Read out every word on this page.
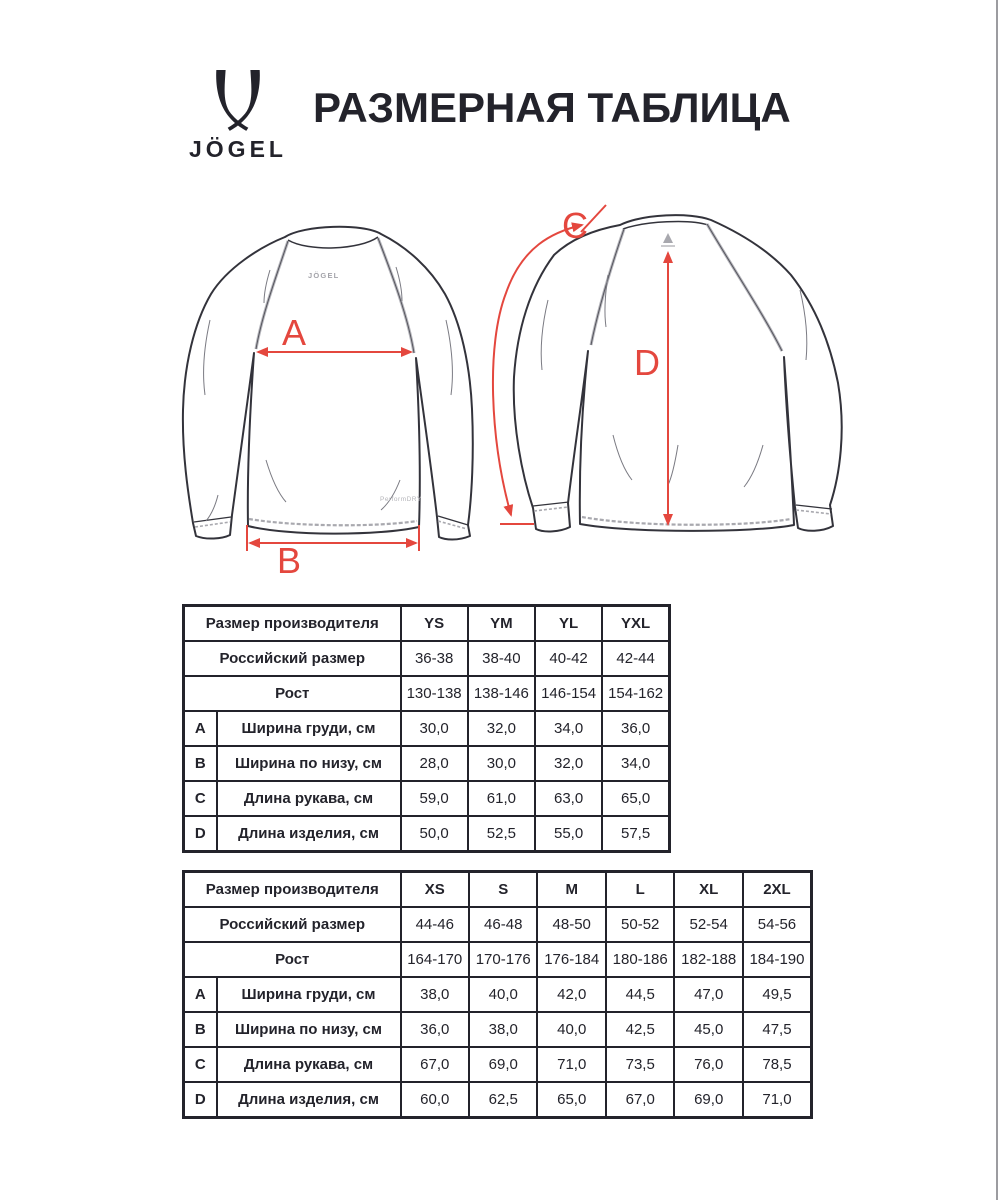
JÖGEL
РАЗМЕРНАЯ ТАБЛИЦА
JÖGEL
PerformDRY
A
B
C
D
Размер производителя		YS	YM	YL	YXL
Российский размер		36-38	38-40	40-42	42-44
Рост		130-138	138-146	146-154	154-162
A	Ширина груди, см	30,0	32,0	34,0	36,0
B	Ширина по низу, см	28,0	30,0	32,0	34,0
C	Длина рукава, см	59,0	61,0	63,0	65,0
D	Длина изделия, см	50,0	52,5	55,0	57,5
Размер производителя		XS	S	M	L	XL	2XL
Российский размер		44-46	46-48	48-50	50-52	52-54	54-56
Рост		164-170	170-176	176-184	180-186	182-188	184-190
A	Ширина груди, см	38,0	40,0	42,0	44,5	47,0	49,5
B	Ширина по низу, см	36,0	38,0	40,0	42,5	45,0	47,5
C	Длина рукава, см	67,0	69,0	71,0	73,5	76,0	78,5
D	Длина изделия, см	60,0	62,5	65,0	67,0	69,0	71,0
